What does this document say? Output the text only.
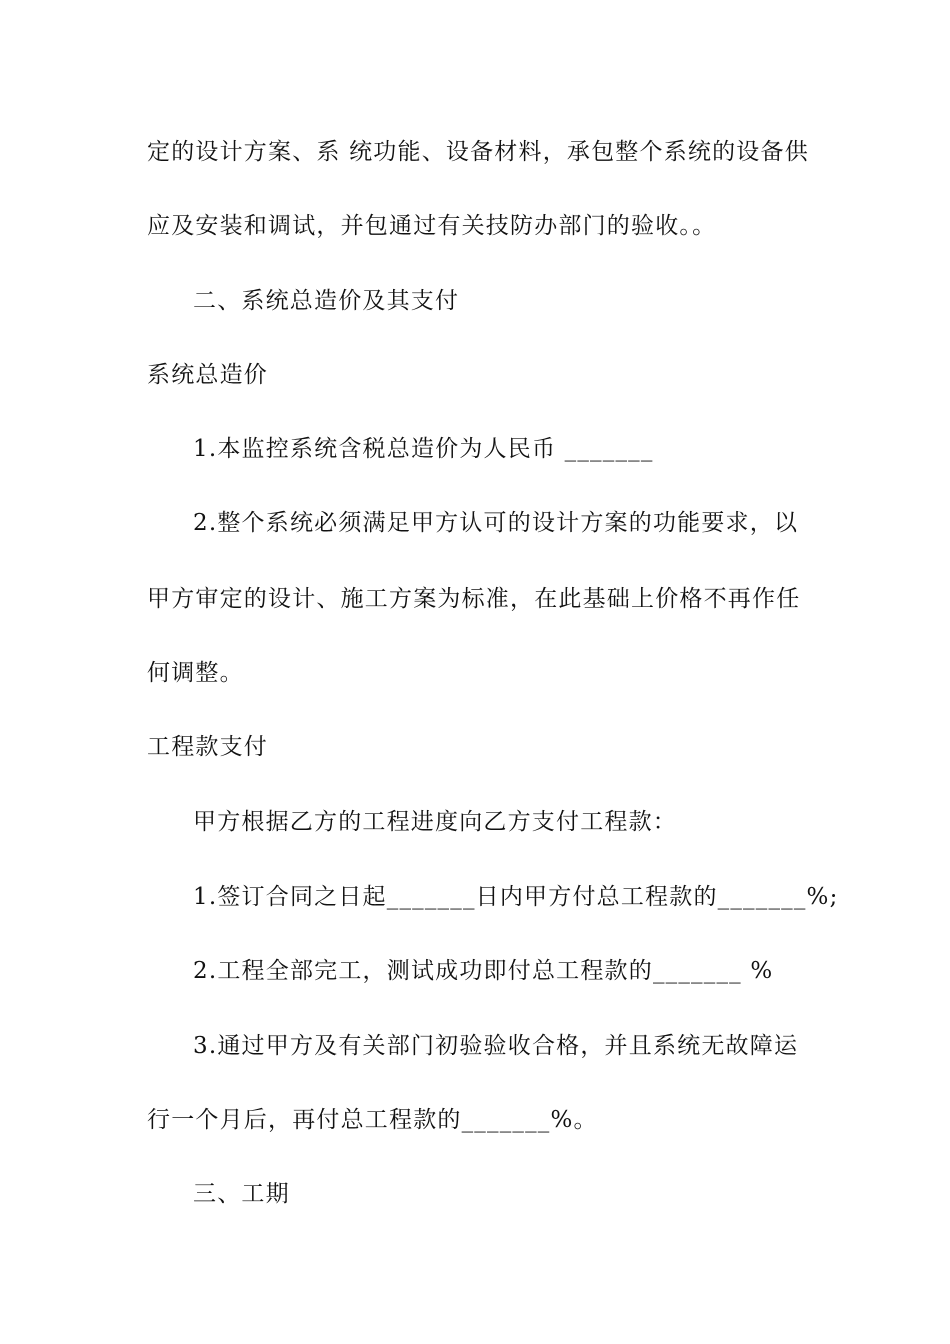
定的设计方案、系 统功能、设备材料，承包整个系统的设备供
应及安装和调试，并包通过有关技防办部门的验收。。
二、系统总造价及其支付
系统总造价
1.本监控系统含税总造价为人民币 _______
2.整个系统必须满足甲方认可的设计方案的功能要求，以
甲方审定的设计、施工方案为标准，在此基础上价格不再作任
何调整。
工程款支付
甲方根据乙方的工程进度向乙方支付工程款：
1.签订合同之日起_______日内甲方付总工程款的_______%;
2.工程全部完工，测试成功即付总工程款的_______ %
3.通过甲方及有关部门初验验收合格，并且系统无故障运
行一个月后，再付总工程款的_______%。
三、工期
